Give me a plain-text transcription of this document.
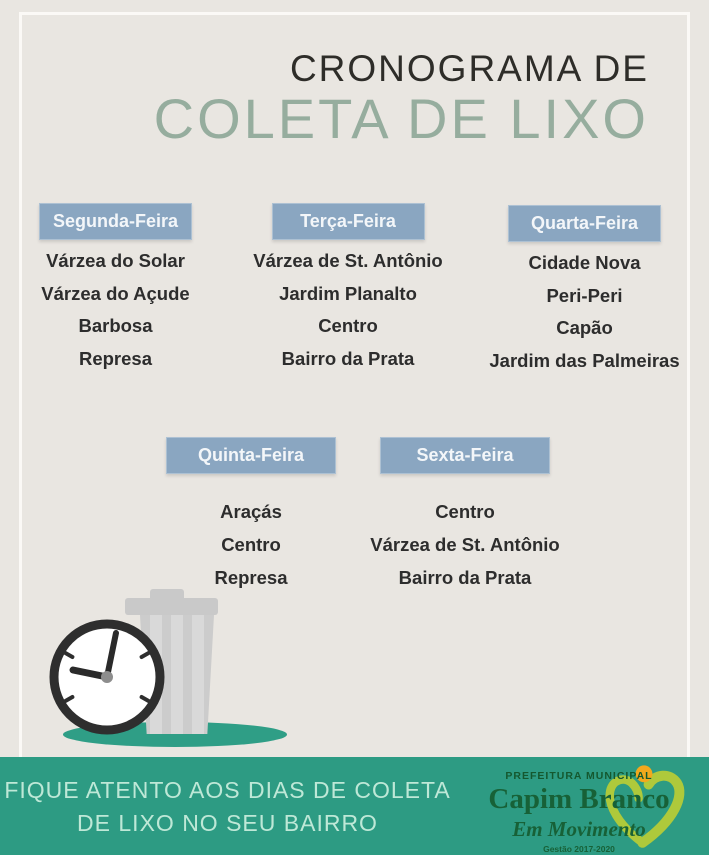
CRONOGRAMA DE
COLETA DE LIXO
Segunda-Feira
Várzea do Solar
Várzea do Açude
Barbosa
Represa
Terça-Feira
Várzea de St. Antônio
Jardim Planalto
Centro
Bairro da Prata
Quarta-Feira
Cidade Nova
Peri-Peri
Capão
Jardim das Palmeiras
Quinta-Feira
Araçás
Centro
Represa
Sexta-Feira
Centro
Várzea de St. Antônio
Bairro da Prata
FIQUE ATENTO AOS DIAS DE COLETA
DE LIXO NO SEU BAIRRO
PREFEITURA MUNICIPAL
Capim Branco
Em Movimento
Gestão 2017-2020
